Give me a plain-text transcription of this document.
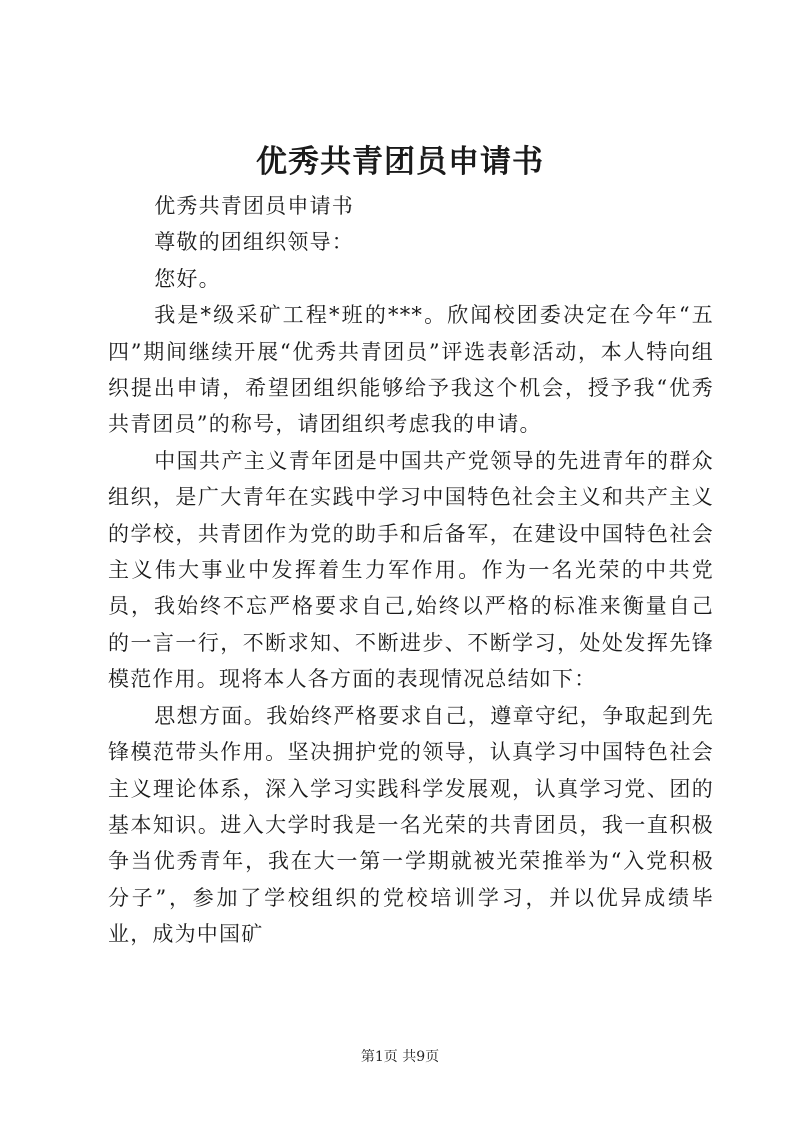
优秀共青团员申请书

优秀共青团员申请书

尊敬的团组织领导：

您好。

我是*级采矿工程*班的***。欣闻校团委决定在今年“五四”期间继续开展“优秀共青团员”评选表彰活动，本人特向组织提出申请，希望团组织能够给予我这个机会，授予我“优秀共青团员”的称号，请团组织考虑我的申请。

中国共产主义青年团是中国共产党领导的先进青年的群众组织，是广大青年在实践中学习中国特色社会主义和共产主义的学校，共青团作为党的助手和后备军，在建设中国特色社会主义伟大事业中发挥着生力军作用。作为一名光荣的中共党员，我始终不忘严格要求自己,始终以严格的标准来衡量自己的一言一行，不断求知、不断进步、不断学习，处处发挥先锋模范作用。现将本人各方面的表现情况总结如下：

思想方面。我始终严格要求自己，遵章守纪，争取起到先锋模范带头作用。坚决拥护党的领导，认真学习中国特色社会主义理论体系，深入学习实践科学发展观，认真学习党、团的基本知识。进入大学时我是一名光荣的共青团员，我一直积极争当优秀青年，我在大一第一学期就被光荣推举为“入党积极分子”，参加了学校组织的党校培训学习，并以优异成绩毕业，成为中国矿

第1页 共9页
